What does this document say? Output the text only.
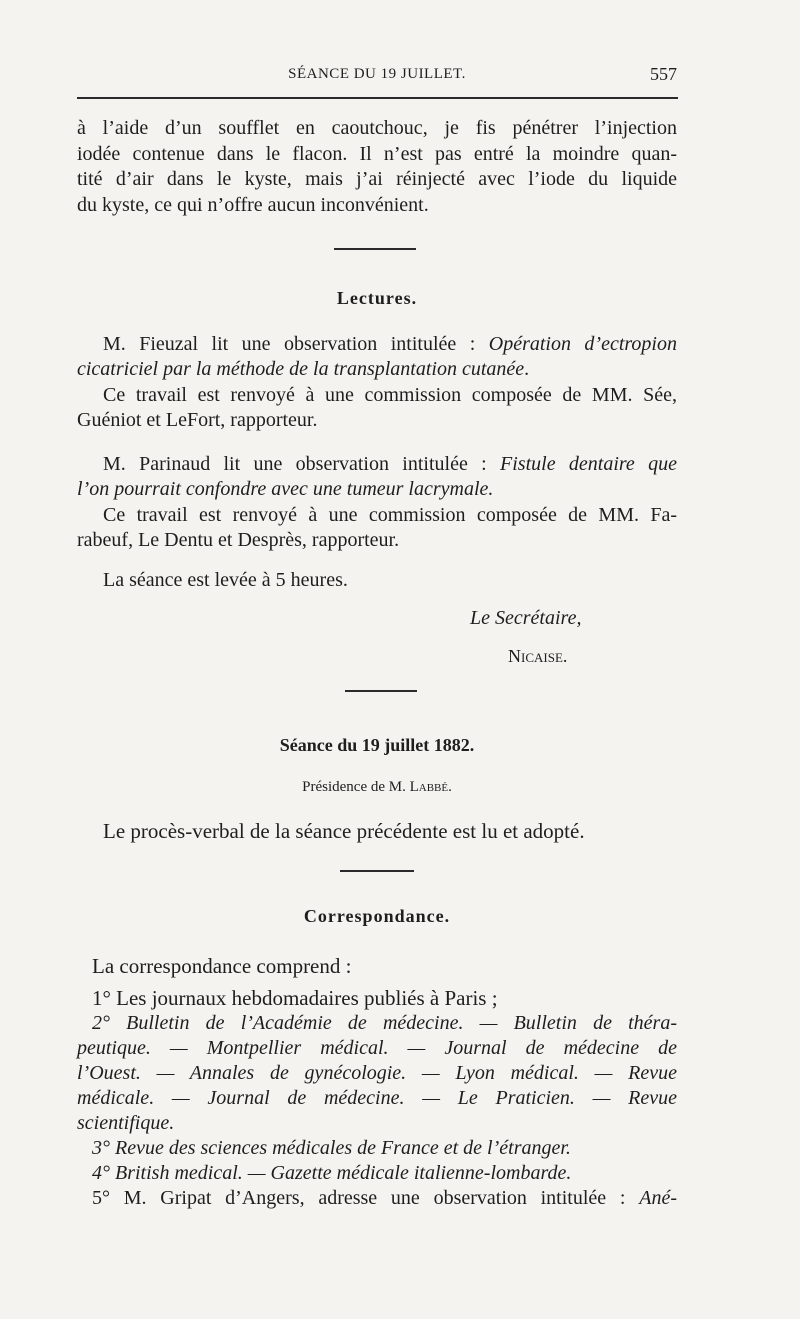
SÉANCE DU 19 JUILLET.	557
à l’aide d’un soufflet en caoutchouc, je fis pénétrer l’injection
iodée contenue dans le flacon. Il n’est pas entré la moindre quan-
tité d’air dans le kyste, mais j’ai réinjecté avec l’iode du liquide
du kyste, ce qui n’offre aucun inconvénient.
Lectures.
M. Fieuzal lit une observation intitulée : Opération d’ectropion
cicatriciel par la méthode de la transplantation cutanée.
Ce travail est renvoyé à une commission composée de MM. Sée,
Guéniot et LeFort, rapporteur.
M. Parinaud lit une observation intitulée : Fistule dentaire que
l’on pourrait confondre avec une tumeur lacrymale.
Ce travail est renvoyé à une commission composée de MM. Fa-
rabeuf, Le Dentu et Desprès, rapporteur.
La séance est levée à 5 heures.
Le Secrétaire,
Nicaise.
Séance du 19 juillet 1882.
Présidence de M. Labbé.
Le procès-verbal de la séance précédente est lu et adopté.
Correspondance.
La correspondance comprend :
1° Les journaux hebdomadaires publiés à Paris ;
2° Bulletin de l’Académie de médecine. — Bulletin de théra-
peutique. — Montpellier médical. — Journal de médecine de
l’Ouest. — Annales de gynécologie. — Lyon médical. — Revue
médicale. — Journal de médecine. — Le Praticien. — Revue
scientifique.
3° Revue des sciences médicales de France et de l’étranger.
4° British medical. — Gazette médicale italienne-lombarde.
5° M. Gripat d’Angers, adresse une observation intitulée : Ané-
